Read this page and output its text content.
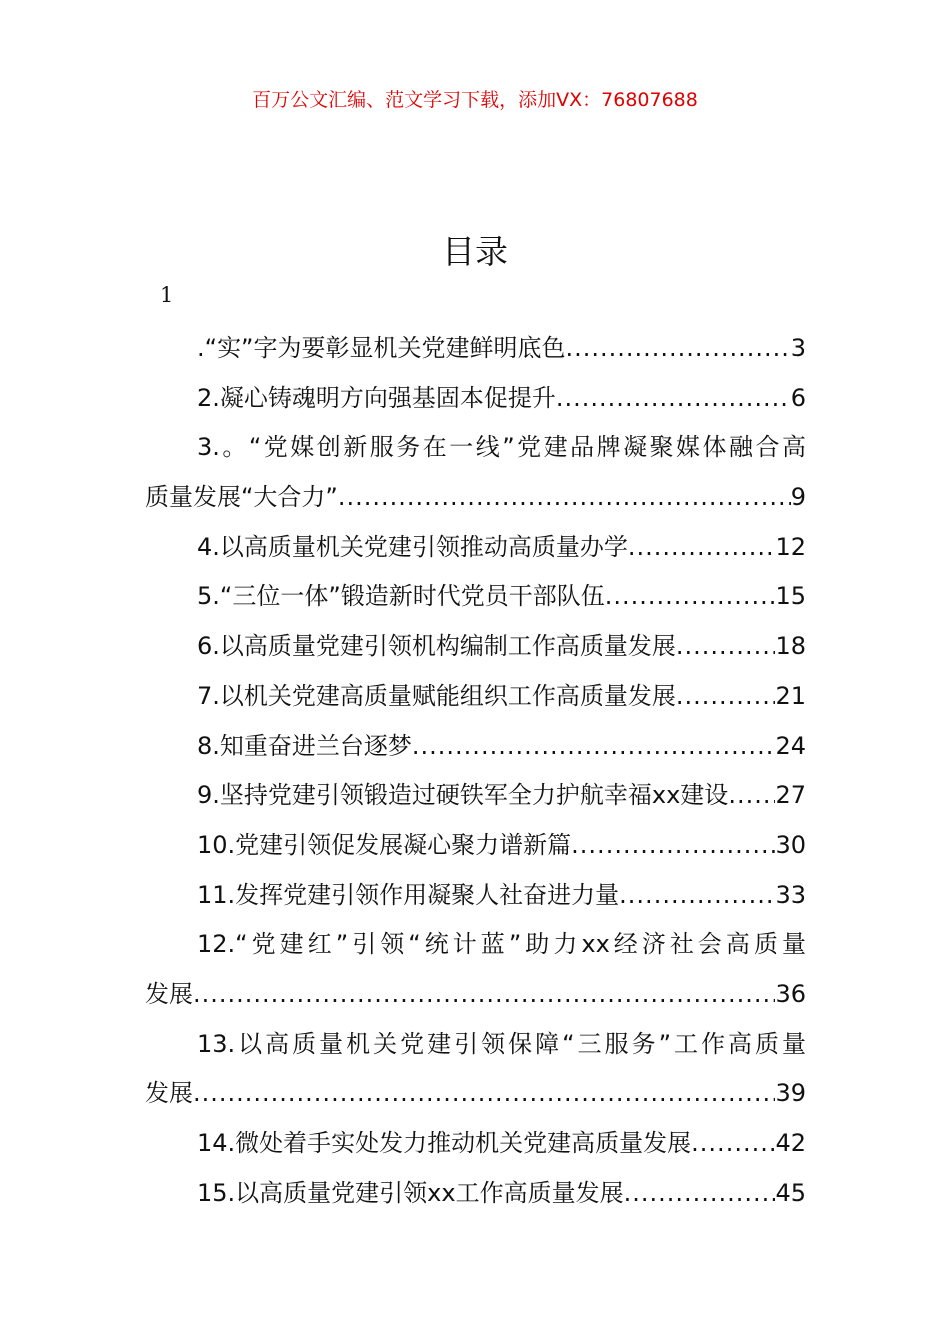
百万公文汇编、范文学习下载，添加VX：76807688
目录
1
.“实”字为要彰显机关党建鲜明底色 .....	3
2.凝心铸魂明方向强基固本促提升 .....	6
3.。“党媒创新服务在一线”党建品牌凝聚媒体融合高
质量发展“大合力” .....	9
4.以高质量机关党建引领推动高质量办学 .....	12
5.“三位一体”锻造新时代党员干部队伍 .....	15
6.以高质量党建引领机构编制工作高质量发展 .....	18
7.以机关党建高质量赋能组织工作高质量发展 .....	21
8.知重奋进兰台逐梦 .....	24
9.坚持党建引领锻造过硬铁军全力护航幸福xx建设 ..... 27
10.党建引领促发展凝心聚力谱新篇 .....	30
11.发挥党建引领作用凝聚人社奋进力量 .....	33
12.“党建红”引领“统计蓝”助力xx经济社会高质量
发展 .....	36
13.以高质量机关党建引领保障“三服务”工作高质量
发展 .....	39
14.微处着手实处发力推动机关党建高质量发展 .....	42
15.以高质量党建引领xx工作高质量发展 .....	45
